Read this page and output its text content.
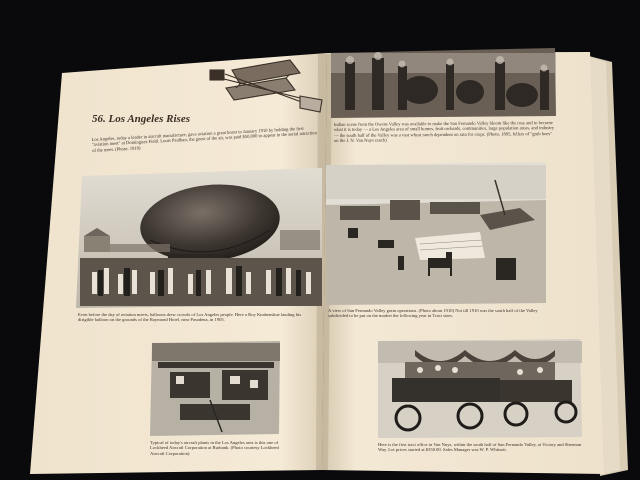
56. Los Angeles Rises
Los Angeles, today a leader in aircraft manufacture, gave aviation a great boost in January 1910 by holding the first "aviation meet" at Dominguez Field. Louis Paulhan, the guest of the air, was paid $50,000 to appear in the aerial attraction of the meet. (Photo: 1910)
Indian scene from the Owens Valley was available to make the San Fernando Valley bloom like the rose and to become what it is today — a Los Angeles area of small homes, fruit orchards, communities, large population areas, and industry — the south half of the Valley was a vast wheat ranch dependent on rain for crops. (Photo, 1895, fellers of "grub hoes" on the I. N. Van Nuys ranch)
Even before the day of aviation meets, balloons drew crowds of Los Angeles people. Here a Roy Knabenshue lauding his dirigible balloon on the grounds of the Raymond Hotel, near Pasadena, in 1905.
A view of San Fernando Valley grain operations. (Photo about 1910) Not till 1910 was the south half of the Valley subdivided to be put on the market the following year in Tract sizes.
Typical of today's aircraft plants in the Los Angeles area is this one of Lockheed Aircraft Corporation at Burbank. (Photo courtesy Lockheed Aircraft Corporation)
Here is the first tract office in Van Nuys, within the south half of San Fernando Valley, at Victory and Sherman Way. Lot prices started at $350.00. Sales Manager was W. P. Whitsett.
